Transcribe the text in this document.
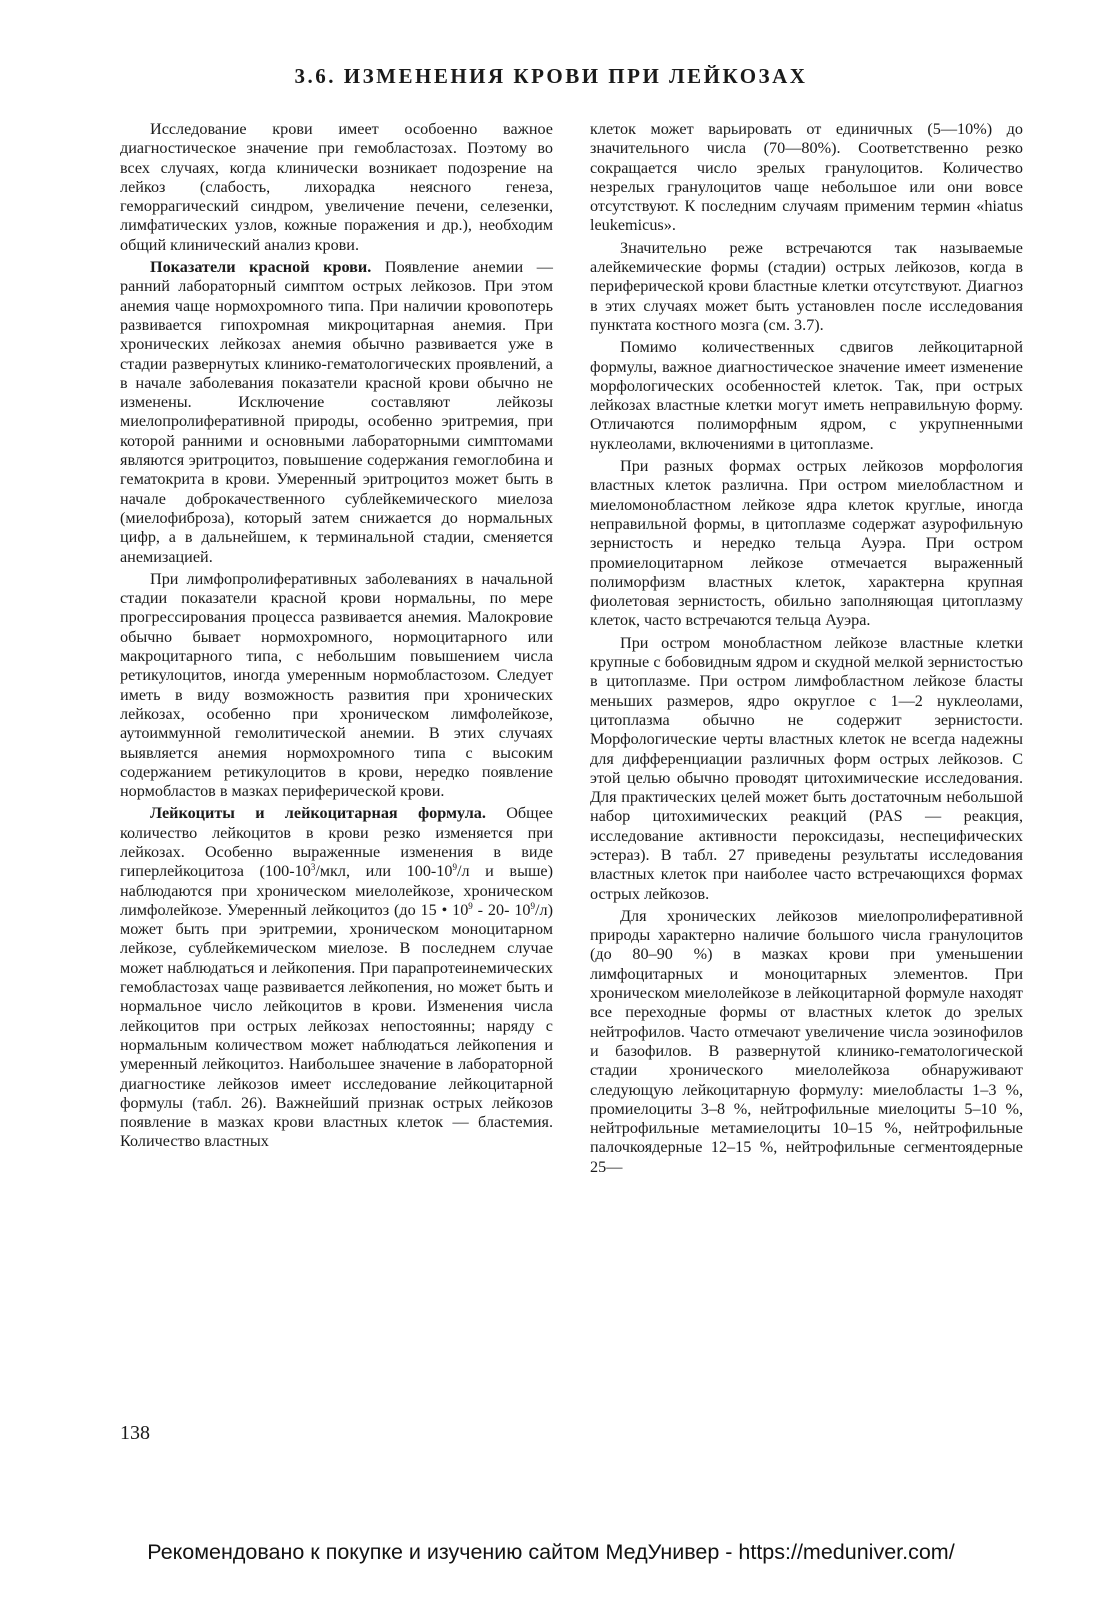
3.6. ИЗМЕНЕНИЯ КРОВИ ПРИ ЛЕЙКОЗАХ

Исследование крови имеет особоенно важное диагностическое значение при гемобластозах. Поэтому во всех случаях, когда клинически возникает подозрение на лейкоз (слабость, лихорадка неясного генеза, геморрагический синдром, увеличение печени, селезенки, лимфатических узлов, кожные поражения и др.), необходим общий клинический анализ крови.

Показатели красной крови. Появление анемии — ранний лабораторный симптом острых лейкозов. При этом анемия чаще нормохромного типа. При наличии кровопотерь развивается гипохромная микроцитарная анемия. При хронических лейкозах анемия обычно развивается уже в стадии развернутых клинико-гематологических проявлений, а в начале заболевания показатели красной крови обычно не изменены. Исключение составляют лейкозы миелопролиферативной природы, особенно эритремия, при которой ранними и основными лабораторными симптомами являются эритроцитоз, повышение содержания гемоглобина и гематокрита в крови. Умеренный эритроцитоз может быть в начале доброкачественного сублейкемического миелоза (миелофиброза), который затем снижается до нормальных цифр, а в дальнейшем, к терминальной стадии, сменяется анемизацией.

При лимфопролиферативных заболеваниях в начальной стадии показатели красной крови нормальны, по мере прогрессирования процесса развивается анемия. Малокровие обычно бывает нормохромного, нормоцитарного или макроцитарного типа, с небольшим повышением числа ретикулоцитов, иногда умеренным нормобластозом. Следует иметь в виду возможность развития при хронических лейкозах, особенно при хроническом лимфолейкозе, аутоиммунной гемолитической анемии. В этих случаях выявляется анемия нормохромного типа с высоким содержанием ретикулоцитов в крови, нередко появление нормобластов в мазках периферической крови.

Лейкоциты и лейкоцитарная формула. Общее количество лейкоцитов в крови резко изменяется при лейкозах. Особенно выраженные изменения в виде гиперлейкоцитоза ($100-10^3$/мкл, или $100-10^9/л$ и выше) наблюдаются при хроническом миелолейкозе, хроническом лимфолейкозе. Умеренный лейкоцитоз (до 15 • $10^9 - 20-$ $10^9/л$) может быть при эритремии, хроническом моноцитарном лейкозе, сублейкемическом миелозе. В последнем случае может наблюдаться и лейкопения. При парапротеинемических гемобластозах чаще развивается лейкопения, но может быть и нормальное число лейкоцитов в крови. Изменения числа лейкоцитов при острых лейкозах непостоянны; наряду с нормальным количеством может наблюдаться лейкопения и умеренный лейкоцитоз. Наибольшее значение в лабораторной диагностике лейкозов имеет исследование лейкоцитарной формулы (табл. 26). Важнейший признак острых лейкозов появление в мазках крови властных клеток — бластемия. Количество властных

клеток может варьировать от единичных (5—10%) до значительного числа (70—80%). Соответственно резко сокращается число зрелых гранулоцитов. Количество незрелых гранулоцитов чаще небольшое или они вовсе отсутствуют. К последним случаям применим термин «hiatus leukemicus».

Значительно реже встречаются так называемые алейкемические формы (стадии) острых лейкозов, когда в периферической крови бластные клетки отсутствуют. Диагноз в этих случаях может быть установлен после исследования пунктата костного мозга (см. 3.7).

Помимо количественных сдвигов лейкоцитарной формулы, важное диагностическое значение имеет изменение морфологических особенностей клеток. Так, при острых лейкозах властные клетки могут иметь неправильную форму. Отличаются полиморфным ядром, с укрупненными нуклеолами, включениями в цитоплазме.

При разных формах острых лейкозов морфология властных клеток различна. При остром миелобластном и миеломонобластном лейкозе ядра клеток круглые, иногда неправильной формы, в цитоплазме содержат азурофильную зернистость и нередко тельца Ауэра. При остром промиелоцитарном лейкозе отмечается выраженный полиморфизм властных клеток, характерна крупная фиолетовая зернистость, обильно заполняющая цитоплазму клеток, часто встречаются тельца Ауэра.

При остром монобластном лейкозе властные клетки крупные с бобовидным ядром и скудной мелкой зернистостью в цитоплазме. При остром лимфобластном лейкозе бласты меньших размеров, ядро округлое с 1—2 нуклеолами, цитоплазма обычно не содержит зернистости. Морфологические черты властных клеток не всегда надежны для дифференциации различных форм острых лейкозов. С этой целью обычно проводят цитохимические исследования. Для практических целей может быть достаточным небольшой набор цитохимических реакций (PAS — реакция, исследование активности пероксидазы, неспецифических эстераз). В табл. 27 приведены результаты исследования властных клеток при наиболее часто встречающихся формах острых лейкозов.

Для хронических лейкозов миелопролиферативной природы характерно наличие большого числа гранулоцитов (до 80–90 %) в мазках крови при уменьшении лимфоцитарных и моноцитарных элементов. При хроническом миелолейкозе в лейкоцитарной формуле находят все переходные формы от властных клеток до зрелых нейтрофилов. Часто отмечают увеличение числа эозинофилов и базофилов. В развернутой клинико-гематологической стадии хронического миелолейкоза обнаруживают следующую лейкоцитарную формулу: миелобласты 1–3 %, промиелоциты 3–8 %, нейтрофильные миелоциты 5–10 %, нейтрофильные метамиелоциты 10–15 %, нейтрофильные палочкоядерные 12–15 %, нейтрофильные сегментоядерные 25—

138
Рекомендовано к покупке и изучению сайтом МедУнивер - https://meduniver.com/
